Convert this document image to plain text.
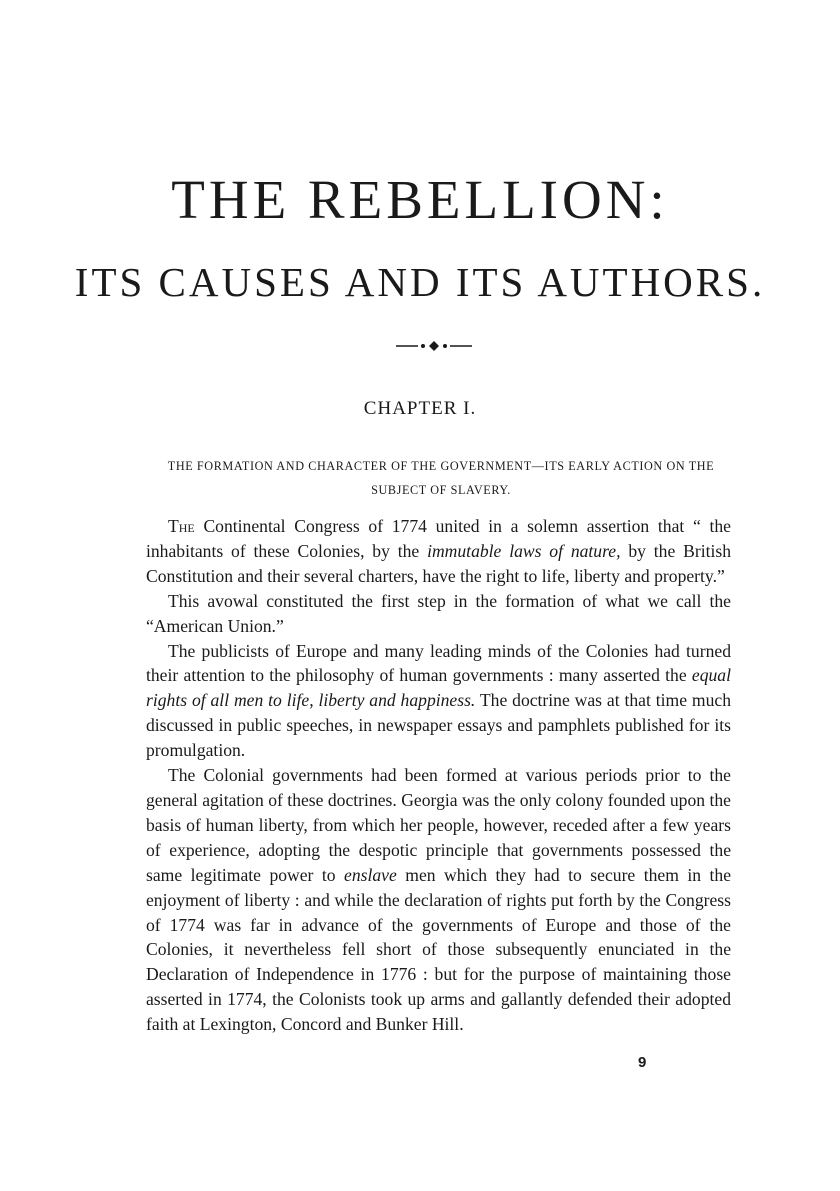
THE REBELLION:
ITS CAUSES AND ITS AUTHORS.
CHAPTER I.

THE FORMATION AND CHARACTER OF THE GOVERNMENT—ITS EARLY ACTION ON THE SUBJECT OF SLAVERY.

The Continental Congress of 1774 united in a solemn assertion that “ the inhabitants of these Colonies, by the immutable laws of nature, by the British Constitution and their several charters, have the right to life, liberty and property.”

This avowal constituted the first step in the formation of what we call the “American Union.”

The publicists of Europe and many leading minds of the Colonies had turned their attention to the philosophy of human governments : many asserted the equal rights of all men to life, liberty and happiness. The doctrine was at that time much discussed in public speeches, in newspaper essays and pamphlets published for its promulgation.

The Colonial governments had been formed at various periods prior to the general agitation of these doctrines. Georgia was the only colony founded upon the basis of human liberty, from which her people, however, receded after a few years of experience, adopting the despotic principle that governments possessed the same legitimate power to enslave men which they had to secure them in the enjoyment of liberty : and while the declaration of rights put forth by the Congress of 1774 was far in advance of the governments of Europe and those of the Colonies, it nevertheless fell short of those subsequently enunciated in the Declaration of Independence in 1776 : but for the purpose of maintaining those asserted in 1774, the Colonists took up arms and gallantly defended their adopted faith at Lexington, Concord and Bunker Hill.

9
